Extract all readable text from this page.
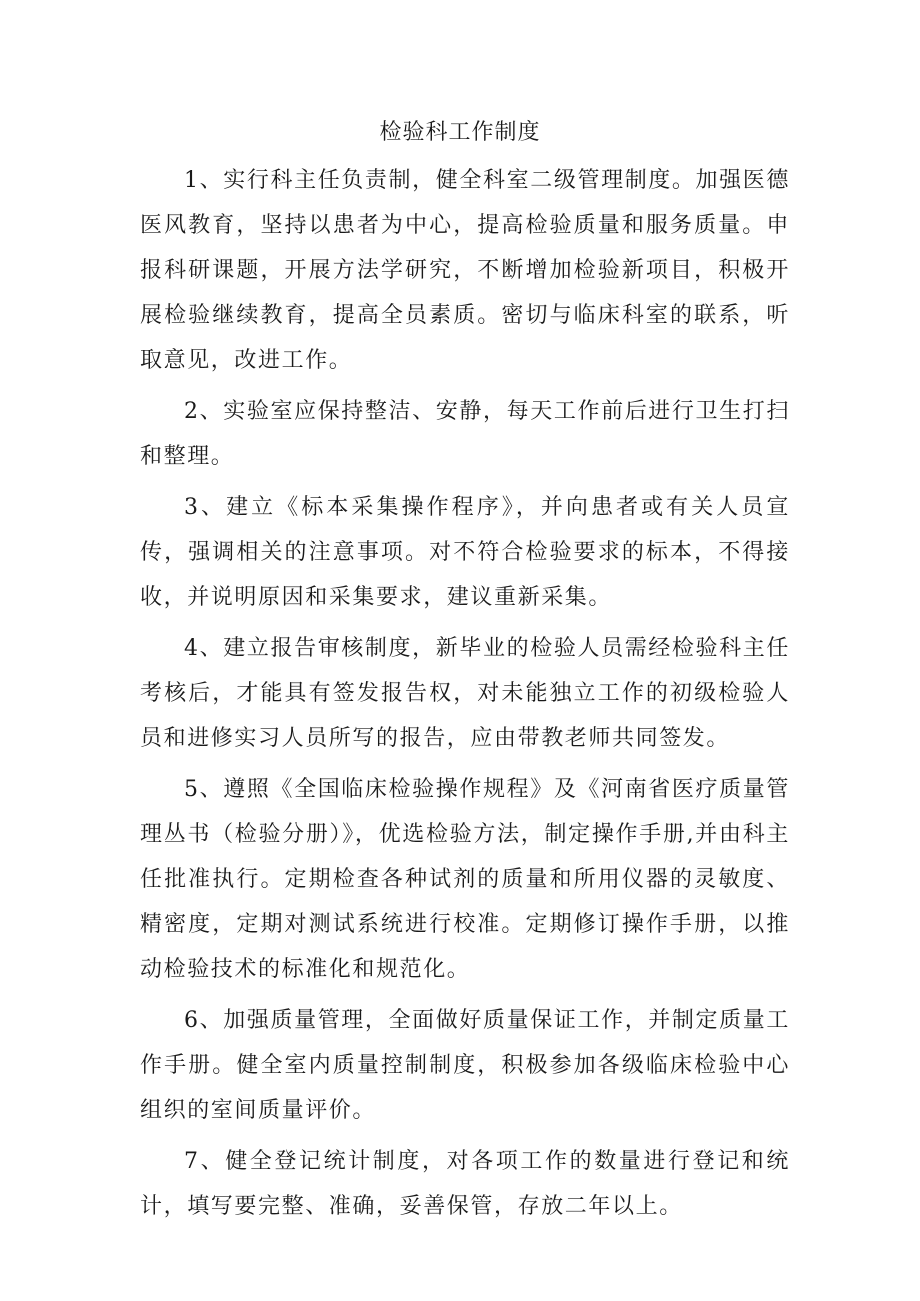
检验科工作制度

1、实行科主任负责制，健全科室二级管理制度。加强医德医风教育，坚持以患者为中心，提高检验质量和服务质量。申报科研课题，开展方法学研究，不断增加检验新项目，积极开展检验继续教育，提高全员素质。密切与临床科室的联系，听取意见，改进工作。

2、实验室应保持整洁、安静，每天工作前后进行卫生打扫和整理。

3、建立《标本采集操作程序》，并向患者或有关人员宣传，强调相关的注意事项。对不符合检验要求的标本，不得接收，并说明原因和采集要求，建议重新采集。

4、建立报告审核制度，新毕业的检验人员需经检验科主任考核后，才能具有签发报告权，对未能独立工作的初级检验人员和进修实习人员所写的报告，应由带教老师共同签发。

5、遵照《全国临床检验操作规程》及《河南省医疗质量管理丛书（检验分册）》，优选检验方法，制定操作手册,并由科主任批准执行。定期检查各种试剂的质量和所用仪器的灵敏度、精密度，定期对测试系统进行校准。定期修订操作手册，以推动检验技术的标准化和规范化。

6、加强质量管理，全面做好质量保证工作，并制定质量工作手册。健全室内质量控制制度，积极参加各级临床检验中心组织的室间质量评价。

7、健全登记统计制度，对各项工作的数量进行登记和统计，填写要完整、准确，妥善保管，存放二年以上。
